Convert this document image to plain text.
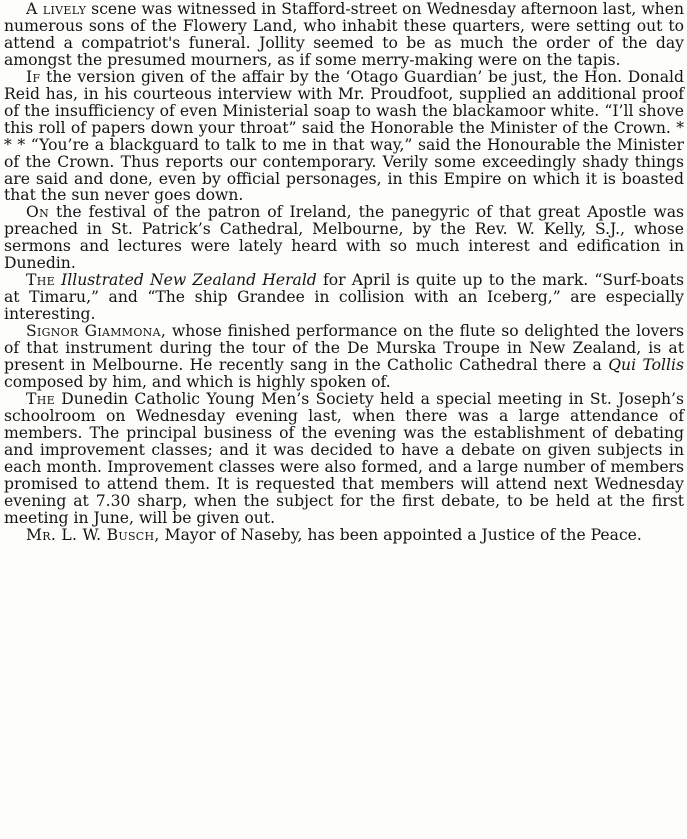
A lively scene was witnessed in Stafford-street on Wednesday afternoon last, when numerous sons of the Flowery Land, who inhabit these quarters, were setting out to attend a compatriot's funeral. Jollity seemed to be as much the order of the day amongst the presumed mourners, as if some merry-making were on the tapis.

If the version given of the affair by the ‘Otago Guardian’ be just, the Hon. Donald Reid has, in his courteous interview with Mr. Proudfoot, supplied an additional proof of the insufficiency of even Ministerial soap to wash the blackamoor white. “I’ll shove this roll of papers down your throat” said the Honorable the Minister of the Crown. * * * “You’re a blackguard to talk to me in that way,” said the Honourable the Minister of the Crown. Thus reports our contemporary. Verily some exceedingly shady things are said and done, even by official personages, in this Empire on which it is boasted that the sun never goes down.

On the festival of the patron of Ireland, the panegyric of that great Apostle was preached in St. Patrick’s Cathedral, Melbourne, by the Rev. W. Kelly, S.J., whose sermons and lectures were lately heard with so much interest and edification in Dunedin.

The Illustrated New Zealand Herald for April is quite up to the mark. “Surf-boats at Timaru,” and “The ship Grandee in collision with an Iceberg,” are especially interesting.

Signor Giammona, whose finished performance on the flute so delighted the lovers of that instrument during the tour of the De Murska Troupe in New Zealand, is at present in Melbourne. He recently sang in the Catholic Cathedral there a Qui Tollis composed by him, and which is highly spoken of.

The Dunedin Catholic Young Men’s Society held a special meeting in St. Joseph’s schoolroom on Wednesday evening last, when there was a large attendance of members. The principal business of the evening was the establishment of debating and improvement classes; and it was decided to have a debate on given subjects in each month. Improvement classes were also formed, and a large number of members promised to attend them. It is requested that members will attend next Wednesday evening at 7.30 sharp, when the subject for the first debate, to be held at the first meeting in June, will be given out.

Mr. L. W. Busch, Mayor of Naseby, has been appointed a Justice of the Peace.
